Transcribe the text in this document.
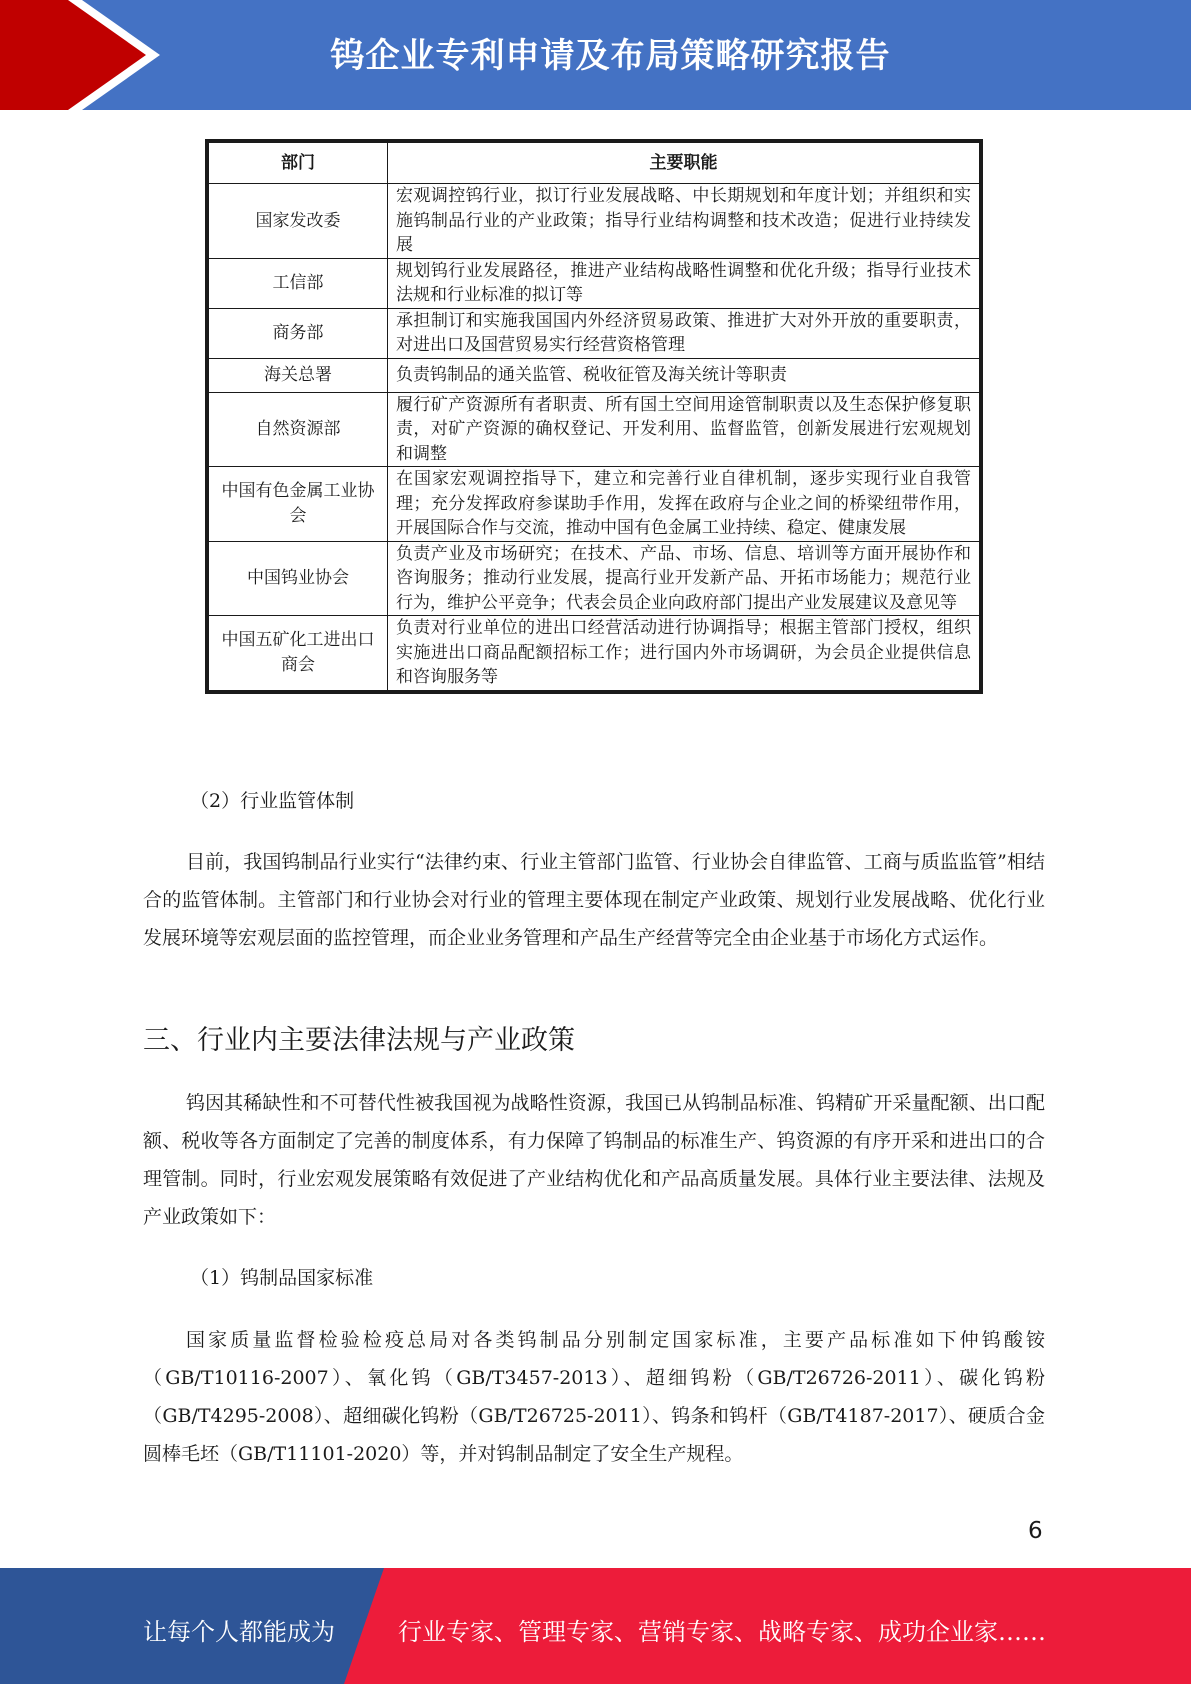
钨企业专利申请及布局策略研究报告
部门	主要职能
国家发改委	宏观调控钨行业，拟订行业发展战略、中长期规划和年度计划；并组织和实施钨制品行业的产业政策；指导行业结构调整和技术改造；促进行业持续发展
工信部	规划钨行业发展路径，推进产业结构战略性调整和优化升级；指导行业技术法规和行业标准的拟订等
商务部	承担制订和实施我国国内外经济贸易政策、推进扩大对外开放的重要职责，对进出口及国营贸易实行经营资格管理
海关总署	负责钨制品的通关监管、税收征管及海关统计等职责
自然资源部	履行矿产资源所有者职责、所有国土空间用途管制职责以及生态保护修复职责，对矿产资源的确权登记、开发利用、监督监管，创新发展进行宏观规划和调整
中国有色金属工业协会	在国家宏观调控指导下，建立和完善行业自律机制，逐步实现行业自我管理；充分发挥政府参谋助手作用，发挥在政府与企业之间的桥梁纽带作用，开展国际合作与交流，推动中国有色金属工业持续、稳定、健康发展
中国钨业协会	负责产业及市场研究；在技术、产品、市场、信息、培训等方面开展协作和咨询服务；推动行业发展，提高行业开发新产品、开拓市场能力；规范行业行为，维护公平竞争；代表会员企业向政府部门提出产业发展建议及意见等
中国五矿化工进出口商会	负责对行业单位的进出口经营活动进行协调指导；根据主管部门授权，组织实施进出口商品配额招标工作；进行国内外市场调研，为会员企业提供信息和咨询服务等
（2）行业监管体制
目前，我国钨制品行业实行“法律约束、行业主管部门监管、行业协会自律监管、工商与质监监管”相结合的监管体制。主管部门和行业协会对行业的管理主要体现在制定产业政策、规划行业发展战略、优化行业发展环境等宏观层面的监控管理，而企业业务管理和产品生产经营等完全由企业基于市场化方式运作。
三、行业内主要法律法规与产业政策
钨因其稀缺性和不可替代性被我国视为战略性资源，我国已从钨制品标准、钨精矿开采量配额、出口配额、税收等各方面制定了完善的制度体系，有力保障了钨制品的标准生产、钨资源的有序开采和进出口的合理管制。同时，行业宏观发展策略有效促进了产业结构优化和产品高质量发展。具体行业主要法律、法规及产业政策如下：
（1）钨制品国家标准
国家质量监督检验检疫总局对各类钨制品分别制定国家标准，主要产品标准如下仲钨酸铵（GB/T10116-2007）、氧化钨（GB/T3457-2013）、超细钨粉（GB/T26726-2011）、碳化钨粉（GB/T4295-2008）、超细碳化钨粉（GB/T26725-2011）、钨条和钨杆（GB/T4187-2017）、硬质合金圆棒毛坯（GB/T11101-2020）等，并对钨制品制定了安全生产规程。
6
让每个人都能成为	行业专家、管理专家、营销专家、战略专家、成功企业家……
